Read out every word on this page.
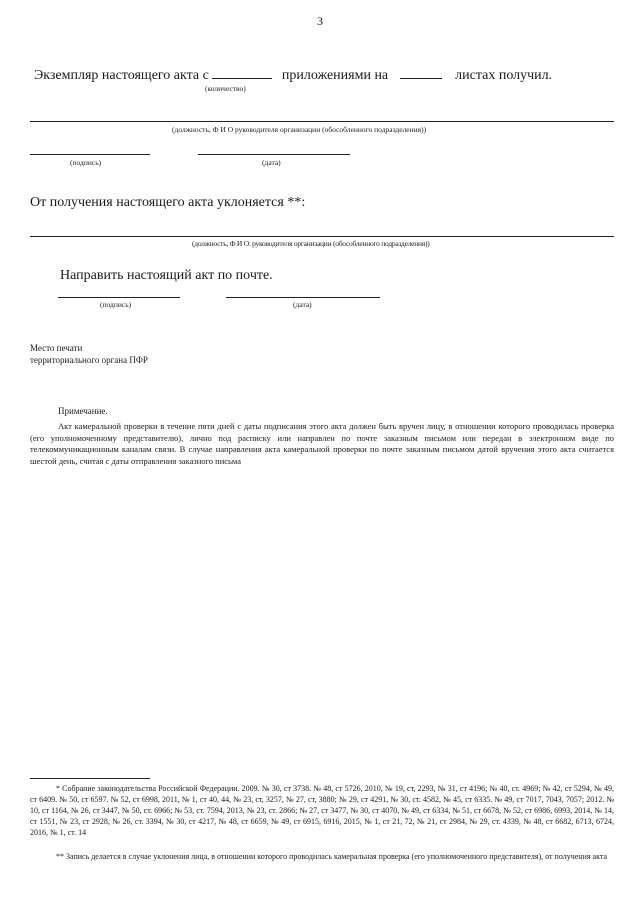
3
Экземпляр настоящего акта с	приложениями на	листах получил.
(количество)
(должность, Ф И О руководителя организации (обособленного подразделения))
(подпись)	(дата)
От получения настоящего акта уклоняется **:
(должность, Ф И О. руководителя организации (обособленного подразделения))
Направить настоящий акт по почте.
(подпись)	(дата)
Место печати
территориального органа ПФР
Примечание.
Акт камеральной проверки в течение пяти дней с даты подписания этого акта должен быть вручен лицу, в отношении которого проводилась проверка (его уполномоченному представителю), лично под расписку или направлен по почте заказным письмом или передан в электронном виде по телекоммуникационным каналам связи. В случае направления акта камеральной проверки по почте заказным письмом датой вручения этого акта считается шестой день, считая с даты отправления заказного письма
* Собрание законодательства Российской Федерации. 2009. № 30, ст 3738. № 48, ст 5726, 2010, № 19, ст, 2293, № 31, ст 4196; № 40, ст. 4969; № 42, ст 5294, № 49, ст 6409. № 50, ст 6597. № 52, ст 6998, 2011, № 1, ст 40, 44, № 23, ст, 3257, № 27, ст, 3880; № 29, ст 4291, № 30, ст. 4582, № 45, ст 6335. № 49, ст 7017, 7043, 7057; 2012. № 10, ст 1164, № 26, ст 3447, № 50, ст. 6966; № 53, ст. 7594, 2013, № 23, ст. 2866; № 27, ст 3477, № 30, ст 4070, № 49, ст 6334, № 51, ст 6678, № 52, ст 6986, 6993, 2014, № 14, ст 1551, № 23, ст 2928, № 26, ст. 3394, № 30, ст 4217, № 48, ст 6659, № 49, ст 6915, 6916, 2015, № 1, ст 21, 72, № 21, ст 2984, № 29, ст. 4339, № 48, ст 6682, 6713, 6724, 2016, № 1, ст. 14
** Запись делается в случае уклонения лица, в отношении которого проводилась камеральная проверка (его уполномоченного представителя), от получения акта
